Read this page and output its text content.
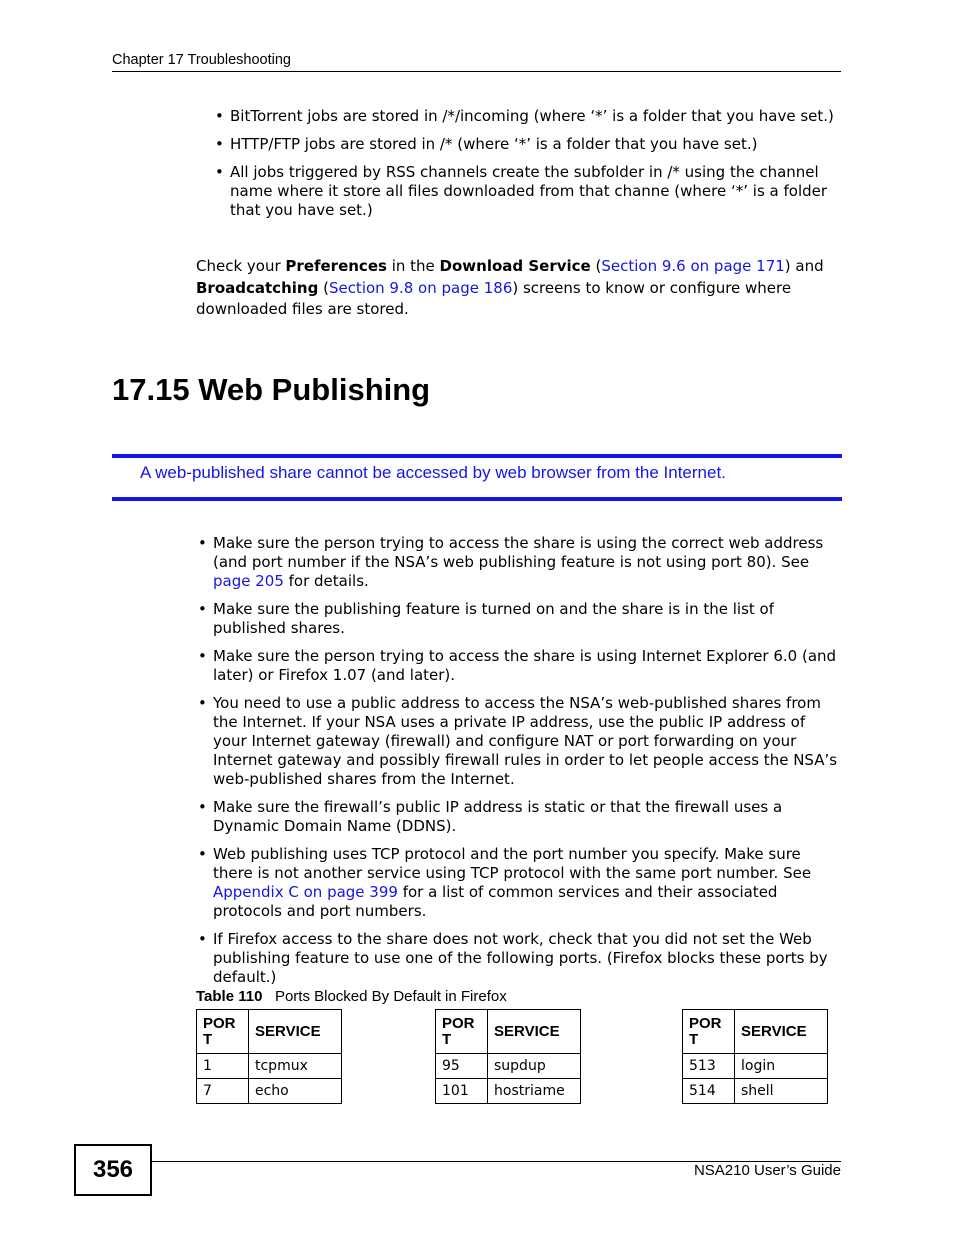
Chapter 17 Troubleshooting
• BitTorrent jobs are stored in /*/incoming (where ‘*’ is a folder that you have set.)
• HTTP/FTP jobs are stored in /* (where ‘*’ is a folder that you have set.)
• All jobs triggered by RSS channels create the subfolder in /* using the channel name where it store all files downloaded from that channe (where ‘*’ is a folder that you have set.)
Check your Preferences in the Download Service (Section 9.6 on page 171) and Broadcatching (Section 9.8 on page 186) screens to know or configure where downloaded files are stored.
17.15 Web Publishing
A web-published share cannot be accessed by web browser from the Internet.
• Make sure the person trying to access the share is using the correct web address (and port number if the NSA’s web publishing feature is not using port 80). See page 205 for details.
• Make sure the publishing feature is turned on and the share is in the list of published shares.
• Make sure the person trying to access the share is using Internet Explorer 6.0 (and later) or Firefox 1.07 (and later).
• You need to use a public address to access the NSA’s web-published shares from the Internet. If your NSA uses a private IP address, use the public IP address of your Internet gateway (firewall) and configure NAT or port forwarding on your Internet gateway and possibly firewall rules in order to let people access the NSA’s web-published shares from the Internet.
• Make sure the firewall’s public IP address is static or that the firewall uses a Dynamic Domain Name (DDNS).
• Web publishing uses TCP protocol and the port number you specify. Make sure there is not another service using TCP protocol with the same port number. See Appendix C on page 399 for a list of common services and their associated protocols and port numbers.
• If Firefox access to the share does not work, check that you did not set the Web publishing feature to use one of the following ports. (Firefox blocks these ports by default.)
Table 110 Ports Blocked By Default in Firefox
POR
T	SERVICE
1	tcpmux
7	echo
POR
T	SERVICE
95	supdup
101	hostriame
POR
T	SERVICE
513	login
514	shell
356	NSA210 User’s Guide
